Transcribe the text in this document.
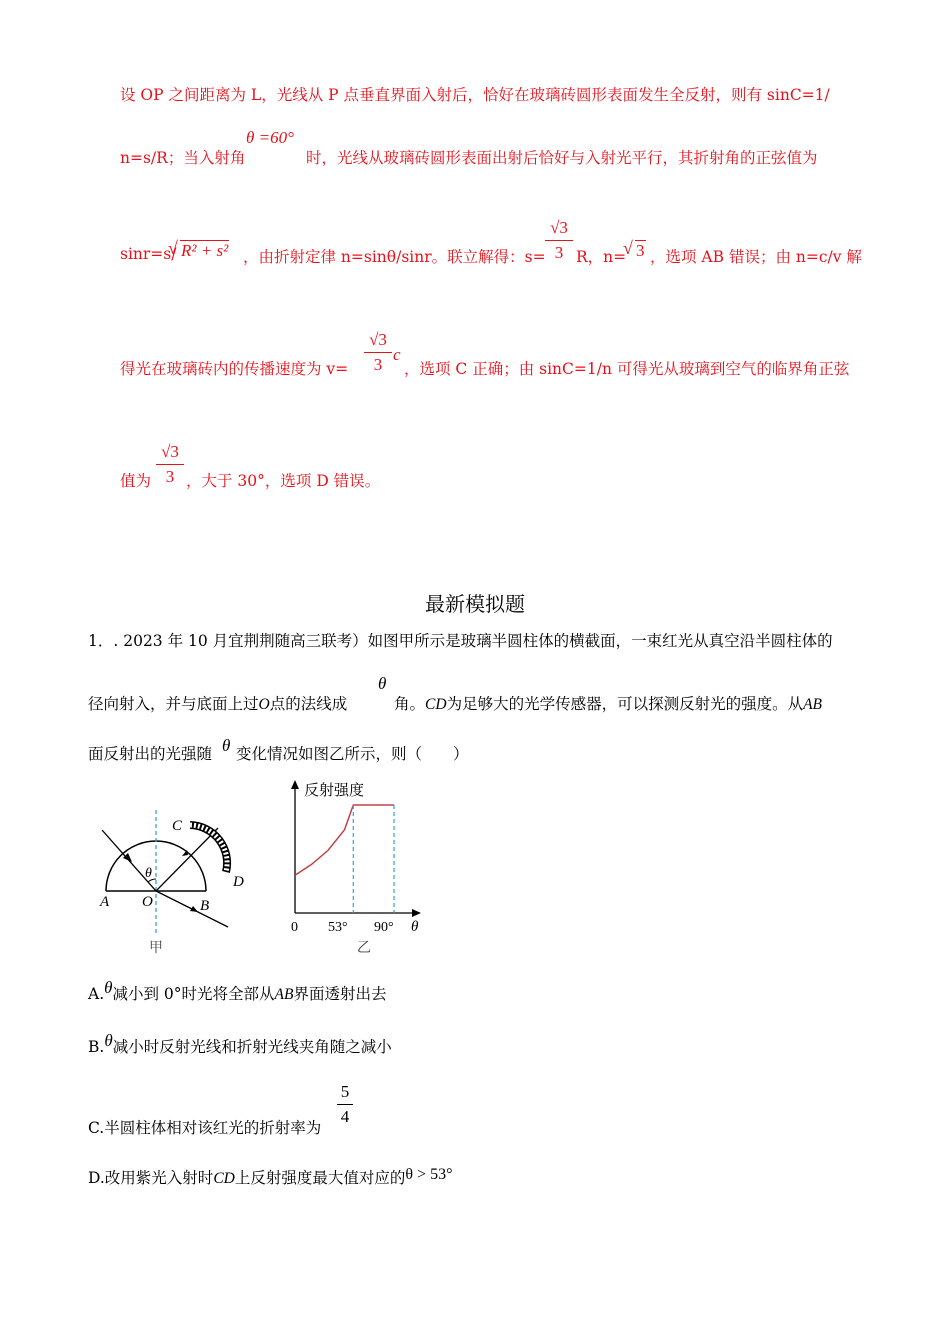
设 OP 之间距离为 L，光线从 P 点垂直界面入射后，恰好在玻璃砖圆形表面发生全反射，则有 sinC=1/
n=s/R；当入射角
θ =60°
时，光线从玻璃砖圆形表面出射后恰好与入射光平行，其折射角的正弦值为
sinr=s/ √ R² + s² ，由折射定律 n=sinθ/sinr。联立解得：s=
√3
3 R，n= √ 3 ，选项 AB 错误；由 n=c/v 解
得光在玻璃砖内的传播速度为 v=
√3
3
c
，选项 C 正确；由 sinC=1/n 可得光从玻璃到空气的临界角正弦
值为
√3
3 ，大于 30°，选项 D 错误。
最新模拟题
1．. 2023 年 10 月宜荆荆随高三联考）如图甲所示是玻璃半圆柱体的横截面，一束红光从真空沿半圆柱体的
径向射入，并与底面上过O点的法线成
θ
角。CD为足够大的光学传感器，可以探测反射光的强度。从AB
面反射出的光强随 θ 变化情况如图乙所示，则（　　）
A O	B
C
D
θ
甲
反射强度
0 53° 90° θ
乙
A.θ减小到 0°时光将全部从AB界面透射出去
B.θ减小时反射光线和折射光线夹角随之减小
C.半圆柱体相对该红光的折射率为
5
4
D.改用紫光入射时CD上反射强度最大值对应的θ > 53°
